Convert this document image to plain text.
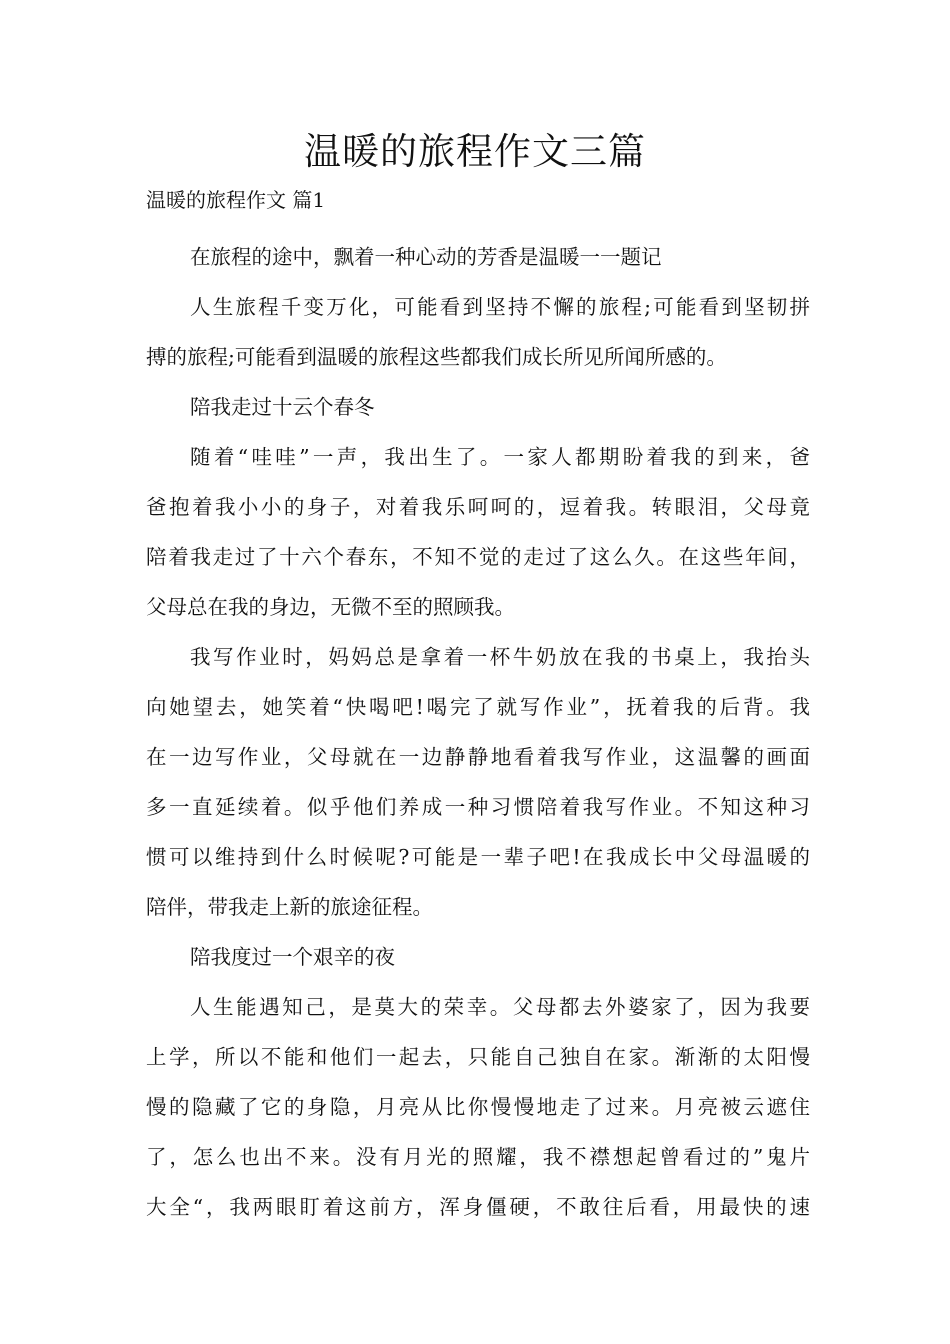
温暖的旅程作文三篇

温暖的旅程作文 篇1

在旅程的途中，飘着一种心动的芳香是温暖一一题记
人生旅程千变万化，可能看到坚持不懈的旅程;可能看到坚韧拼
搏的旅程;可能看到温暖的旅程这些都我们成长所见所闻所感的。
陪我走过十云个春冬
随着“哇哇”一声，我出生了。一家人都期盼着我的到来，爸
爸抱着我小小的身子，对着我乐呵呵的，逗着我。转眼泪，父母竟
陪着我走过了十六个春东，不知不觉的走过了这么久。在这些年间，
父母总在我的身边，无微不至的照顾我。
我写作业时，妈妈总是拿着一杯牛奶放在我的书桌上，我抬头
向她望去，她笑着“快喝吧!喝完了就写作业”，抚着我的后背。我
在一边写作业，父母就在一边静静地看着我写作业，这温馨的画面
多一直延续着。似乎他们养成一种习惯陪着我写作业。不知这种习
惯可以维持到什么时候呢?可能是一辈子吧!在我成长中父母温暖的
陪伴，带我走上新的旅途征程。
陪我度过一个艰辛的夜
人生能遇知己，是莫大的荣幸。父母都去外婆家了，因为我要
上学，所以不能和他们一起去，只能自己独自在家。渐渐的太阳慢
慢的隐藏了它的身隐，月亮从比你慢慢地走了过来。月亮被云遮住
了，怎么也出不来。没有月光的照耀，我不襟想起曾看过的”鬼片
大全“，我两眼盯着这前方，浑身僵硬，不敢往后看，用最快的速
